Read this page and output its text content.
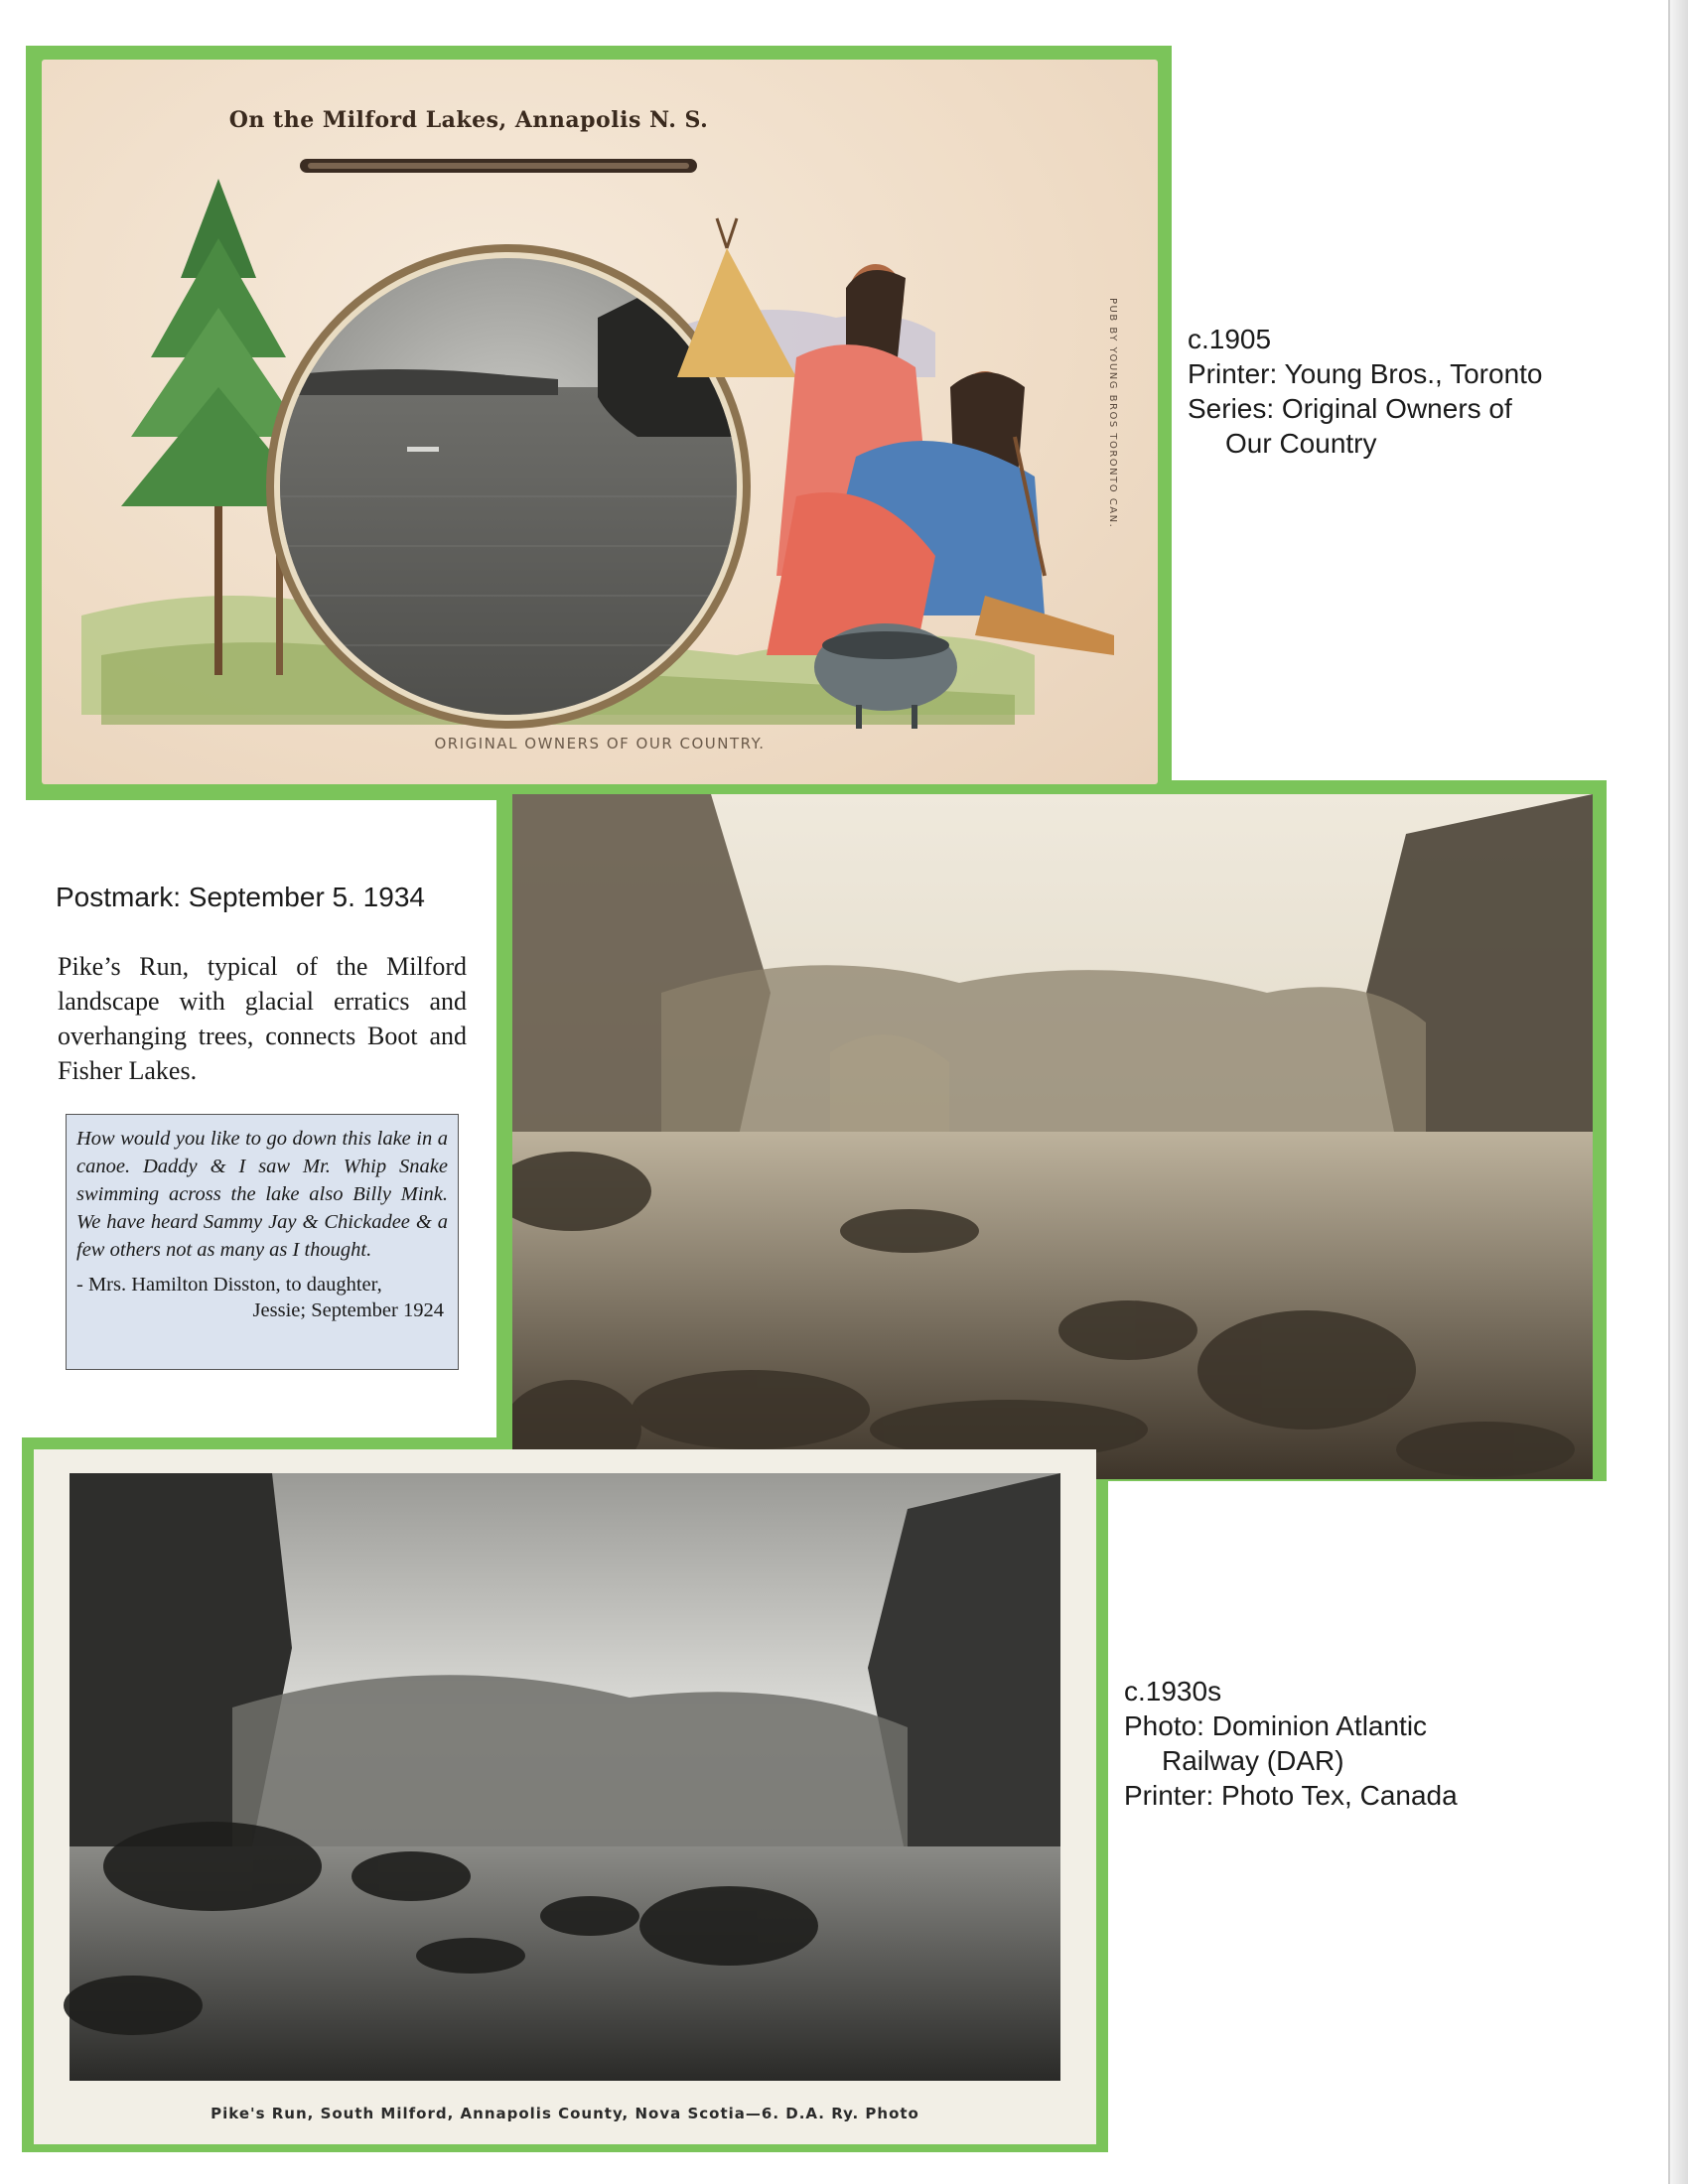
On the Milford Lakes, Annapolis N. S.
PUB BY YOUNG BROS TORONTO CAN.
ORIGINAL OWNERS OF OUR COUNTRY.
c.1905
Printer: Young Bros., Toronto
Series: Original Owners of
Our Country
Postmark: September 5. 1934
Pike’s Run, typical of the Milford landscape with glacial erratics and overhanging trees, connects Boot and Fisher Lakes.
How would you like to go down this lake in a canoe. Daddy & I saw Mr. Whip Snake swimming across the lake also Billy Mink. We have heard Sammy Jay & Chickadee & a few others not as many as I thought.
- Mrs. Hamilton Disston, to daughter,
Jessie; September 1924
Pike's Run, South Milford, Annapolis County, Nova Scotia—6. D.A. Ry. Photo
c.1930s
Photo: Dominion Atlantic
Railway (DAR)
Printer: Photo Tex, Canada
